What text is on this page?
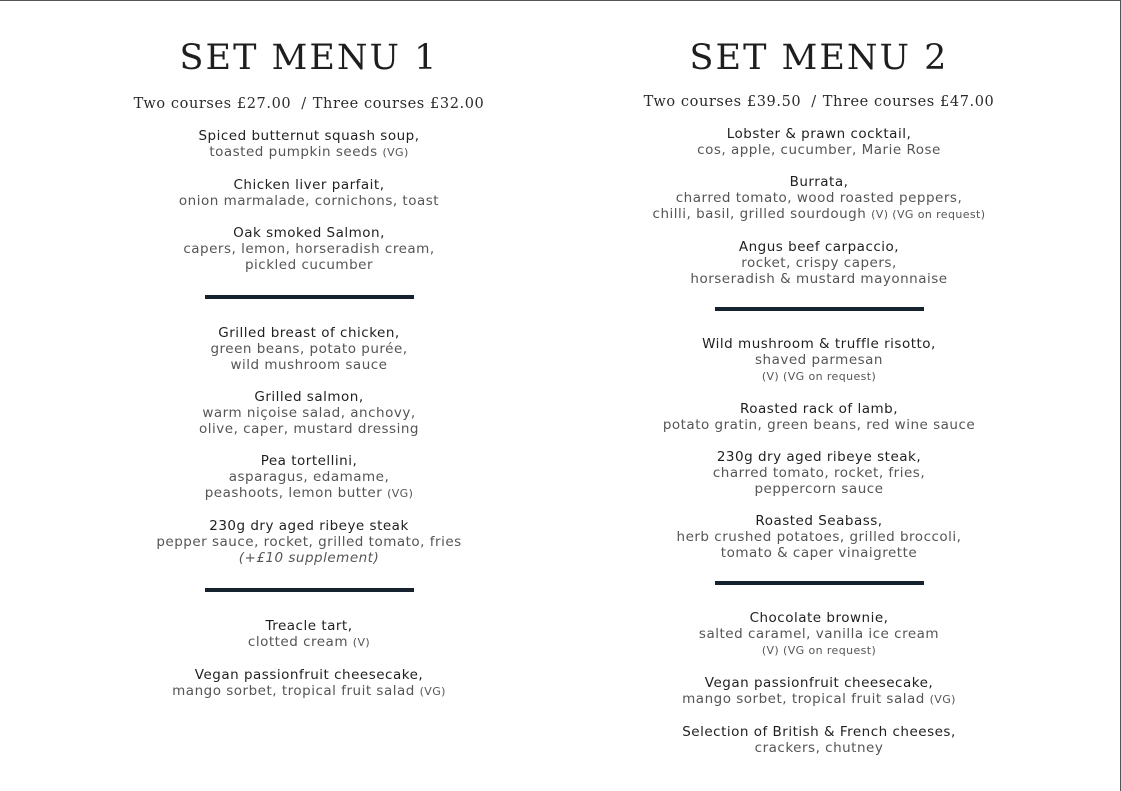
SET MENU 1
Two courses £27.00 / Three courses £32.00
Spiced butternut squash soup,
toasted pumpkin seeds (VG)
Chicken liver parfait,
onion marmalade, cornichons, toast
Oak smoked Salmon,
capers, lemon, horseradish cream,
pickled cucumber
Grilled breast of chicken,
green beans, potato purée,
wild mushroom sauce
Grilled salmon,
warm niçoise salad, anchovy,
olive, caper, mustard dressing
Pea tortellini,
asparagus, edamame,
peashoots, lemon butter (VG)
230g dry aged ribeye steak
pepper sauce, rocket, grilled tomato, fries
(+£10 supplement)
Treacle tart,
clotted cream (V)
Vegan passionfruit cheesecake,
mango sorbet, tropical fruit salad (VG)
SET MENU 2
Two courses £39.50 / Three courses £47.00
Lobster & prawn cocktail,
cos, apple, cucumber, Marie Rose
Burrata,
charred tomato, wood roasted peppers,
chilli, basil, grilled sourdough (V) (VG on request)
Angus beef carpaccio,
rocket, crispy capers,
horseradish & mustard mayonnaise
Wild mushroom & truffle risotto,
shaved parmesan
(V) (VG on request)
Roasted rack of lamb,
potato gratin, green beans, red wine sauce
230g dry aged ribeye steak,
charred tomato, rocket, fries,
peppercorn sauce
Roasted Seabass,
herb crushed potatoes, grilled broccoli,
tomato & caper vinaigrette
Chocolate brownie,
salted caramel, vanilla ice cream
(V) (VG on request)
Vegan passionfruit cheesecake,
mango sorbet, tropical fruit salad (VG)
Selection of British & French cheeses,
crackers, chutney
